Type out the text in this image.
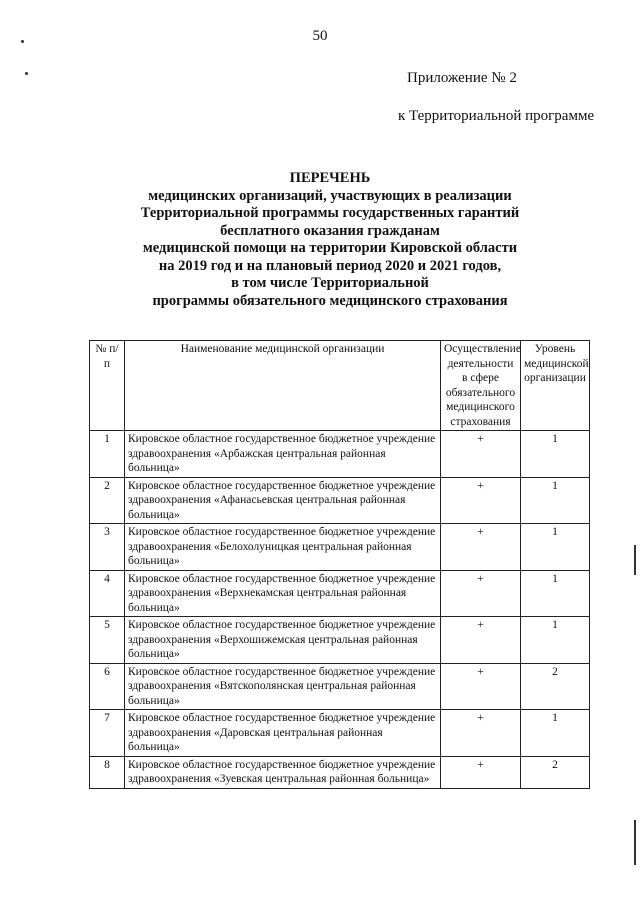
50
Приложение № 2
к Территориальной программе
ПЕРЕЧЕНЬ
медицинских организаций, участвующих в реализации
Территориальной программы государственных гарантий
бесплатного оказания гражданам
медицинской помощи на территории Кировской области
на 2019 год и на плановый период 2020 и 2021 годов,
в том числе Территориальной
программы обязательного медицинского страхования
№ п/п	Наименование медицинской организации	Осуществление деятельности в сфере обязательного медицинского страхования	Уровень медицинской организации
1	Кировское областное государственное бюджетное учреждение здравоохранения «Арбажская центральная районная больница»	+	1
2	Кировское областное государственное бюджетное учреждение здравоохранения «Афанасьевская центральная районная больница»	+	1
3	Кировское областное государственное бюджетное учреждение здравоохранения «Белохолуницкая центральная районная больница»	+	1
4	Кировское областное государственное бюджетное учреждение здравоохранения «Верхнекамская центральная районная больница»	+	1
5	Кировское областное государственное бюджетное учреждение здравоохранения «Верхошижемская центральная районная больница»	+	1
6	Кировское областное государственное бюджетное учреждение здравоохранения «Вятскополянская центральная районная больница»	+	2
7	Кировское областное государственное бюджетное учреждение здравоохранения «Даровская центральная районная больница»	+	1
8	Кировское областное государственное бюджетное учреждение здравоохранения «Зуевская центральная районная больница»	+	2
